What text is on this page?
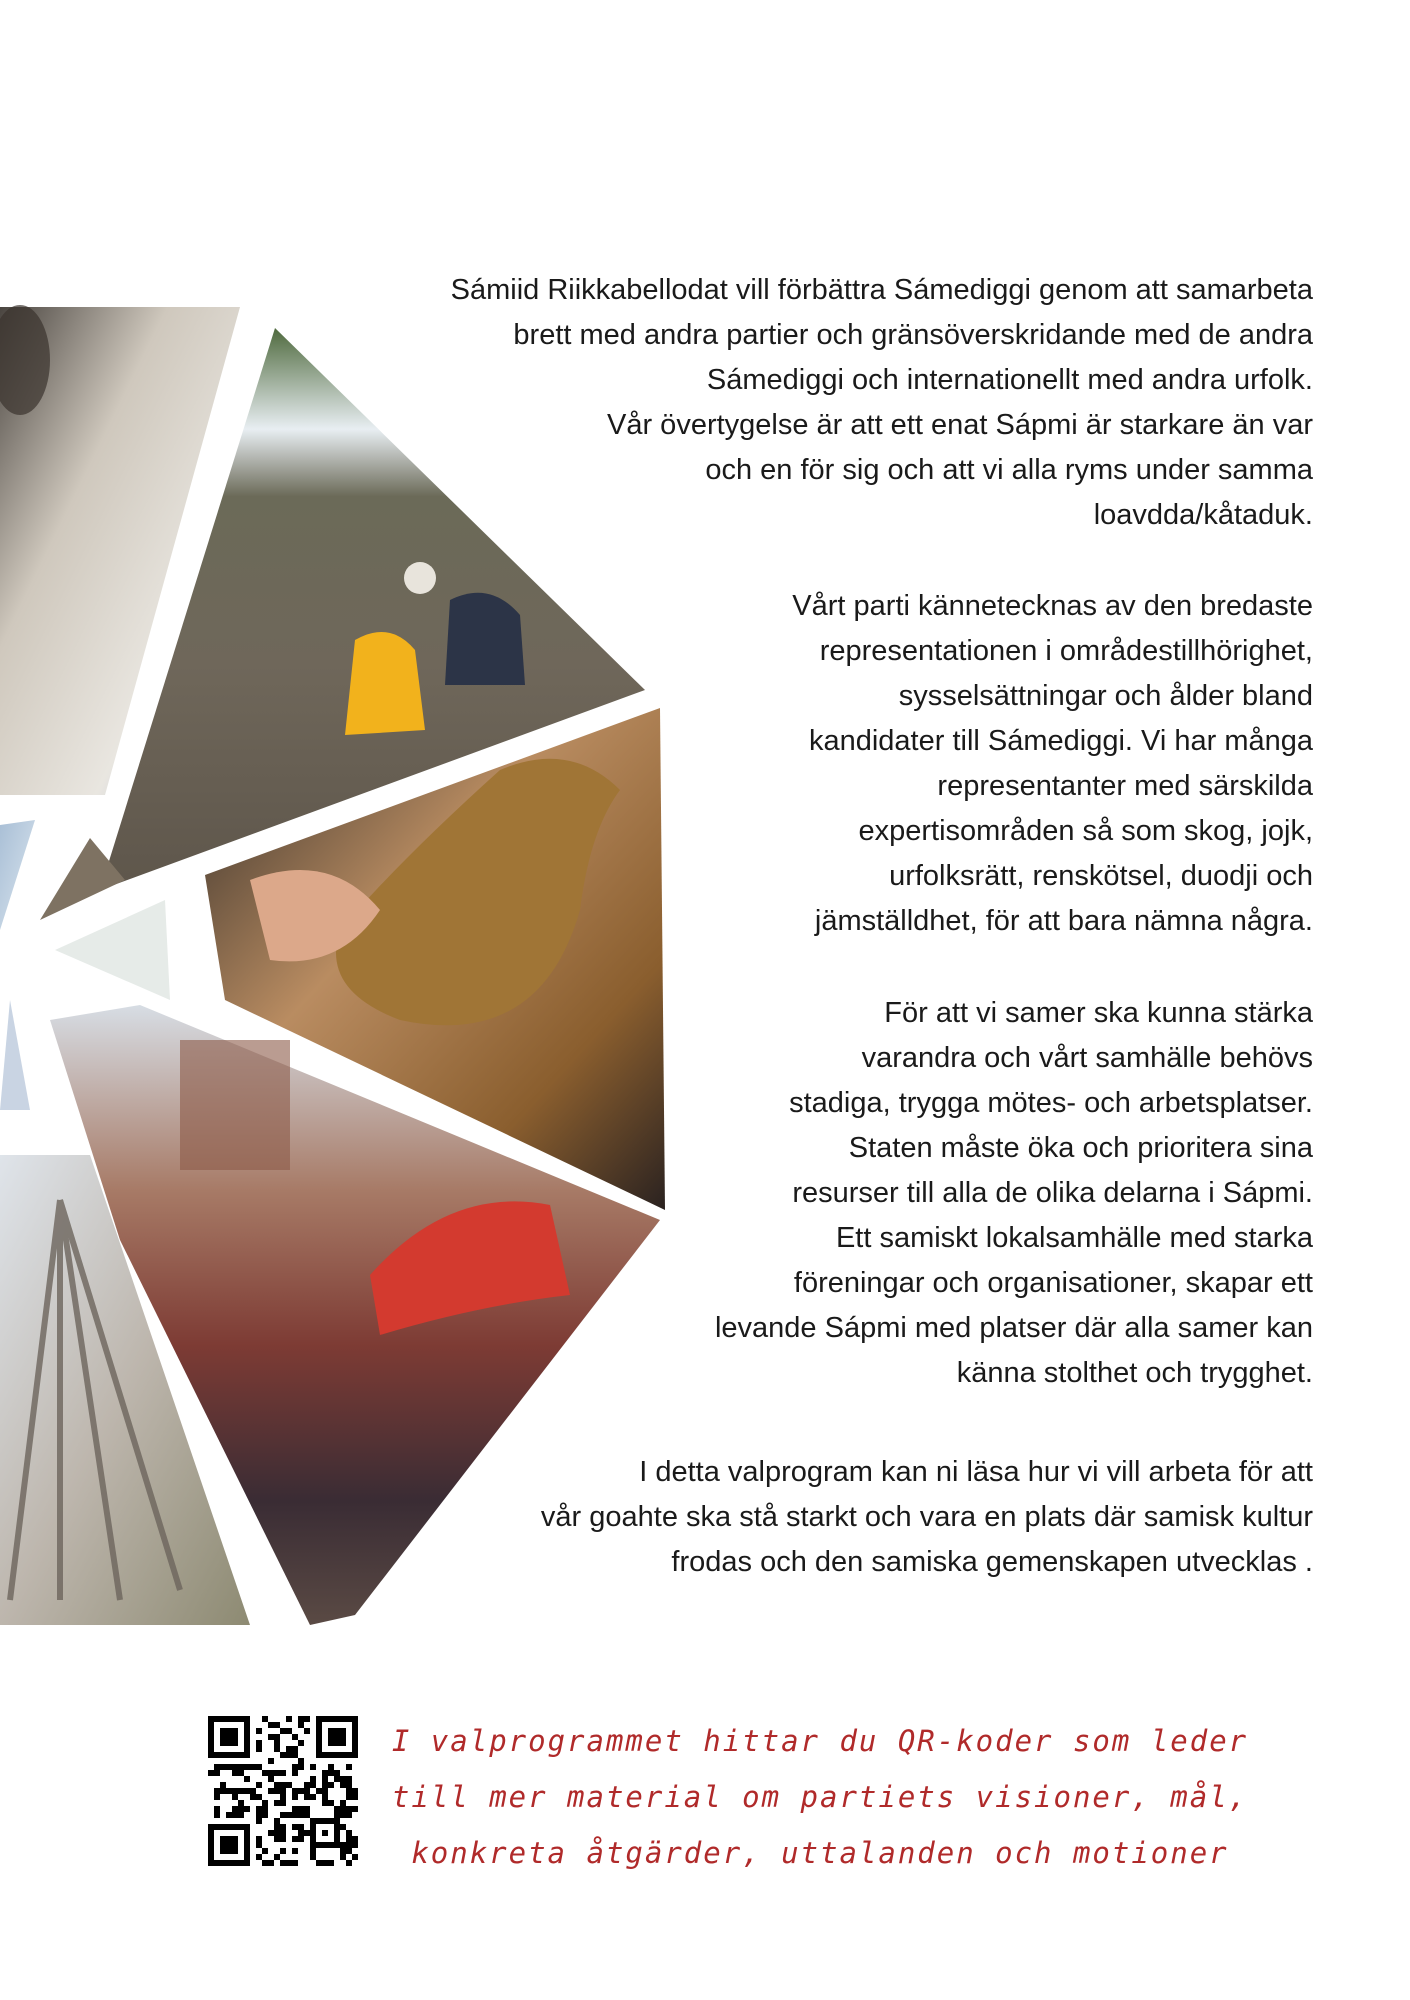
Sámiid Riikkabellodat vill förbättra Sámediggi genom att samarbeta
brett med andra partier och gränsöverskridande med de andra
Sámediggi och internationellt med andra urfolk.
Vår övertygelse är att ett enat Sápmi är starkare än var
och en för sig och att vi alla ryms under samma
loavdda/kåtaduk.

Vårt parti kännetecknas av den bredaste
representationen i områdestillhörighet,
sysselsättningar och ålder bland
kandidater till Sámediggi. Vi har många
representanter med särskilda
expertisområden så som skog, jojk,
urfolksrätt, renskötsel, duodji och
jämställdhet, för att bara nämna några.

För att vi samer ska kunna stärka
varandra och vårt samhälle behövs
stadiga, trygga mötes- och arbetsplatser.
Staten måste öka och prioritera sina
resurser till alla de olika delarna i Sápmi.
Ett samiskt lokalsamhälle med starka
föreningar och organisationer, skapar ett
levande Sápmi med platser där alla samer kan
känna stolthet och trygghet.

I detta valprogram kan ni läsa hur vi vill arbeta för att
vår goahte ska stå starkt och vara en plats där samisk kultur
frodas och den samiska gemenskapen utvecklas .

I valprogrammet hittar du QR-koder som leder
till mer material om partiets visioner, mål,
konkreta åtgärder, uttalanden och motioner
